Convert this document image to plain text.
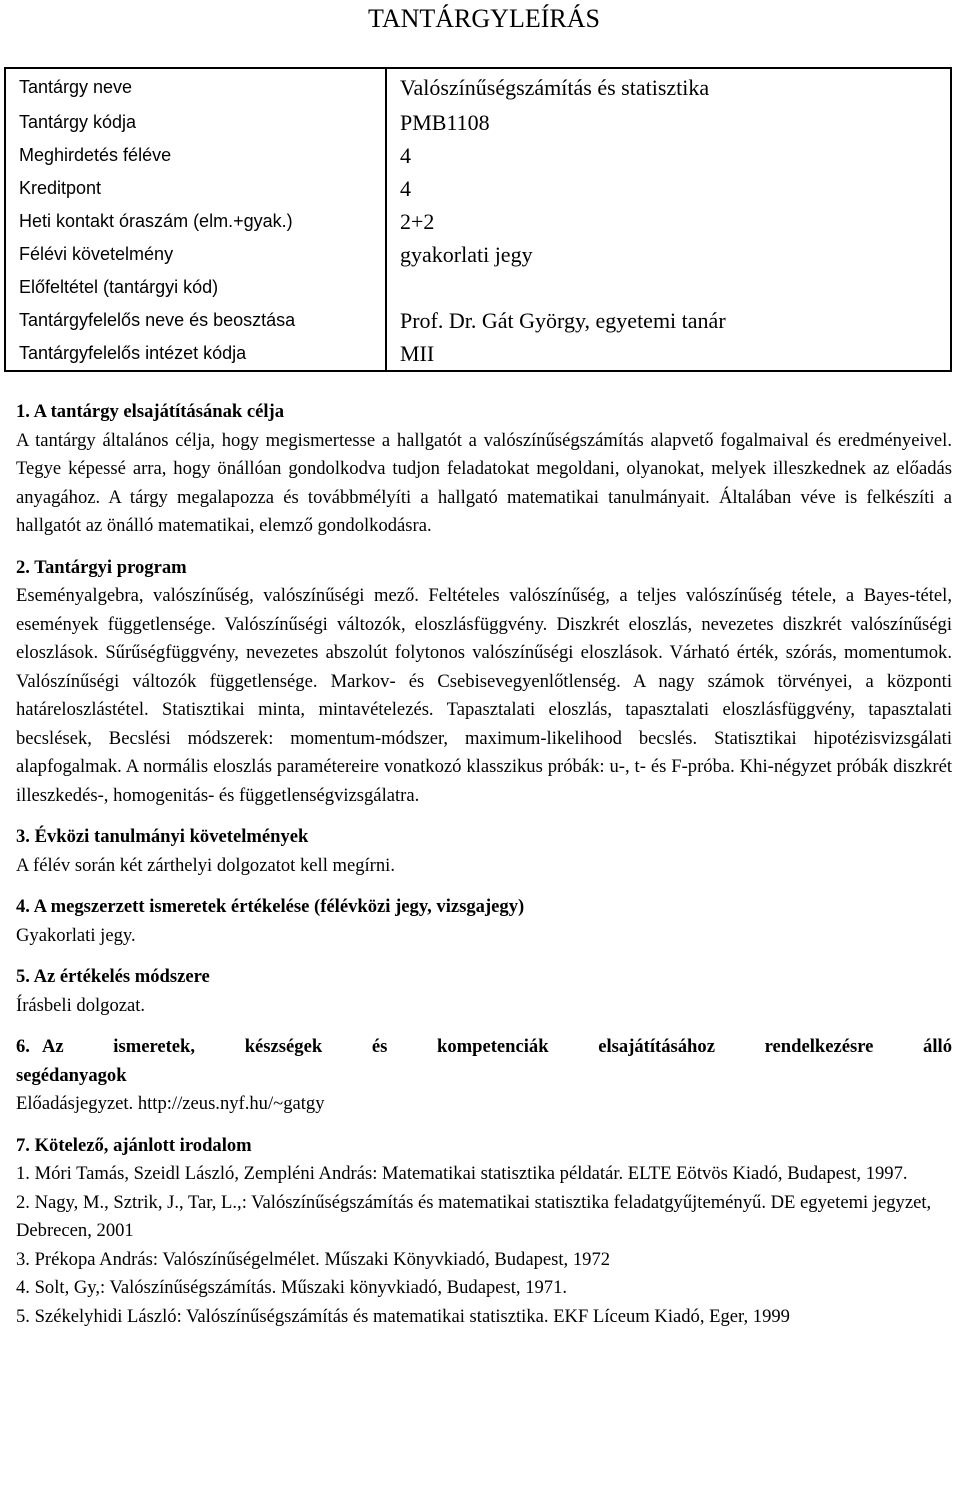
TANTÁRGYLEÍRÁS
Tantárgy neve	Valószínűségszámítás és statisztika
Tantárgy kódja	PMB1108
Meghirdetés féléve	4
Kreditpont	4
Heti kontakt óraszám (elm.+gyak.)	2+2
Félévi követelmény	gyakorlati jegy
Előfeltétel (tantárgyi kód)	
Tantárgyfelelős neve és beosztása	Prof. Dr. Gát György, egyetemi tanár
Tantárgyfelelős intézet kódja	MII
1. A tantárgy elsajátításának célja

A tantárgy általános célja, hogy megismertesse a hallgatót a valószínűségszámítás alapvető fogalmaival és eredményeivel. Tegye képessé arra, hogy önállóan gondolkodva tudjon feladatokat megoldani, olyanokat, melyek illeszkednek az előadás anyagához. A tárgy megalapozza és továbbmélyíti a hallgató matematikai tanulmányait. Általában véve is felkészíti a hallgatót az önálló matematikai, elemző gondolkodásra.

2. Tantárgyi program

Eseményalgebra, valószínűség, valószínűségi mező. Feltételes valószínűség, a teljes valószínűség tétele, a Bayes-tétel, események függetlensége. Valószínűségi változók, eloszlásfüggvény. Diszkrét eloszlás, nevezetes diszkrét valószínűségi eloszlások. Sűrűségfüggvény, nevezetes abszolút folytonos valószínűségi eloszlások. Várható érték, szórás, momentumok. Valószínűségi változók függetlensége. Markov- és Csebisevegyenlőtlenség. A nagy számok törvényei, a központi határeloszlástétel. Statisztikai minta, mintavételezés. Tapasztalati eloszlás, tapasztalati eloszlásfüggvény, tapasztalati becslések, Becslési módszerek: momentum-módszer, maximum-likelihood becslés. Statisztikai hipotézisvizsgálati alapfogalmak. A normális eloszlás paramétereire vonatkozó klasszikus próbák: u-, t- és F-próba. Khi-négyzet próbák diszkrét illeszkedés-, homogenitás- és függetlenségvizsgálatra.

3. Évközi tanulmányi követelmények

A félév során két zárthelyi dolgozatot kell megírni.

4. A megszerzett ismeretek értékelése (félévközi jegy, vizsgajegy)

Gyakorlati jegy.

5. Az értékelés módszere

Írásbeli dolgozat.

6. Az ismeretek, készségek és kompetenciák elsajátításához rendelkezésre álló
segédanyagok

Előadásjegyzet. http://zeus.nyf.hu/~gatgy

7. Kötelező, ajánlott irodalom
1. Móri Tamás, Szeidl László, Zempléni András: Matematikai statisztika példatár. ELTE Eötvös Kiadó, Budapest, 1997.
2. Nagy, M., Sztrik, J., Tar, L.,: Valószínűségszámítás és matematikai statisztika feladatgyűjteményű. DE egyetemi jegyzet, Debrecen, 2001
3. Prékopa András: Valószínűségelmélet. Műszaki Könyvkiadó, Budapest, 1972
4. Solt, Gy,: Valószínűségszámítás. Műszaki könyvkiadó, Budapest, 1971.
5. Székelyhidi László: Valószínűségszámítás és matematikai statisztika. EKF Líceum Kiadó, Eger, 1999
